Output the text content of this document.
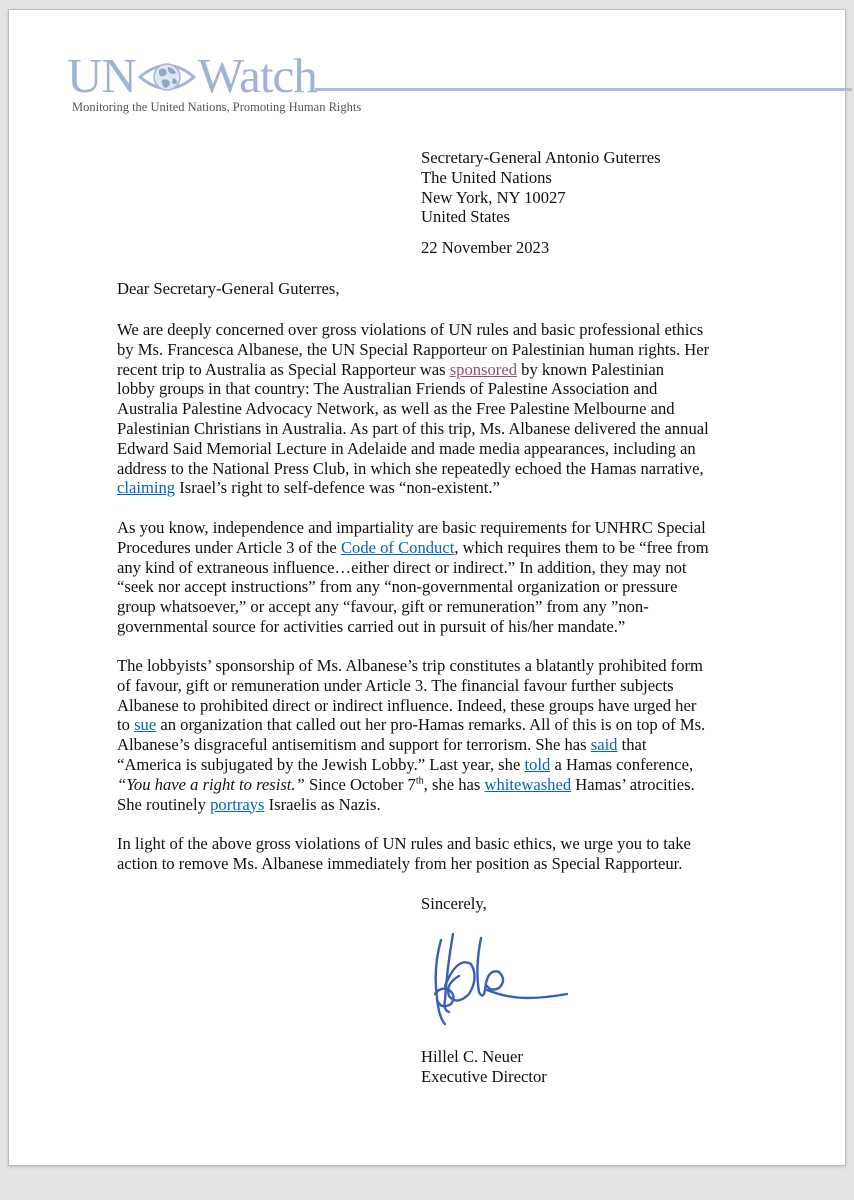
UN Watch
Monitoring the United Nations, Promoting Human Rights
Secretary-General Antonio Guterres
The United Nations
New York, NY 10027
United States
22 November 2023
Dear Secretary-General Guterres,
We are deeply concerned over gross violations of UN rules and basic professional ethics
by Ms. Francesca Albanese, the UN Special Rapporteur on Palestinian human rights. Her
recent trip to Australia as Special Rapporteur was sponsored by known Palestinian
lobby groups in that country: The Australian Friends of Palestine Association and
Australia Palestine Advocacy Network, as well as the Free Palestine Melbourne and
Palestinian Christians in Australia. As part of this trip, Ms. Albanese delivered the annual
Edward Said Memorial Lecture in Adelaide and made media appearances, including an
address to the National Press Club, in which she repeatedly echoed the Hamas narrative,
claiming Israel’s right to self-defence was “non-existent.”
As you know, independence and impartiality are basic requirements for UNHRC Special
Procedures under Article 3 of the Code of Conduct, which requires them to be “free from
any kind of extraneous influence…either direct or indirect.” In addition, they may not
“seek nor accept instructions” from any “non-governmental organization or pressure
group whatsoever,” or accept any “favour, gift or remuneration” from any ”non-
governmental source for activities carried out in pursuit of his/her mandate.”
The lobbyists’ sponsorship of Ms. Albanese’s trip constitutes a blatantly prohibited form
of favour, gift or remuneration under Article 3. The financial favour further subjects
Albanese to prohibited direct or indirect influence. Indeed, these groups have urged her
to sue an organization that called out her pro-Hamas remarks. All of this is on top of Ms.
Albanese’s disgraceful antisemitism and support for terrorism. She has said that
“America is subjugated by the Jewish Lobby.” Last year, she told a Hamas conference,
“You have a right to resist.” Since October 7th, she has whitewashed Hamas’ atrocities.
She routinely portrays Israelis as Nazis.
In light of the above gross violations of UN rules and basic ethics, we urge you to take
action to remove Ms. Albanese immediately from her position as Special Rapporteur.
Sincerely,
Hillel C. Neuer
Executive Director
